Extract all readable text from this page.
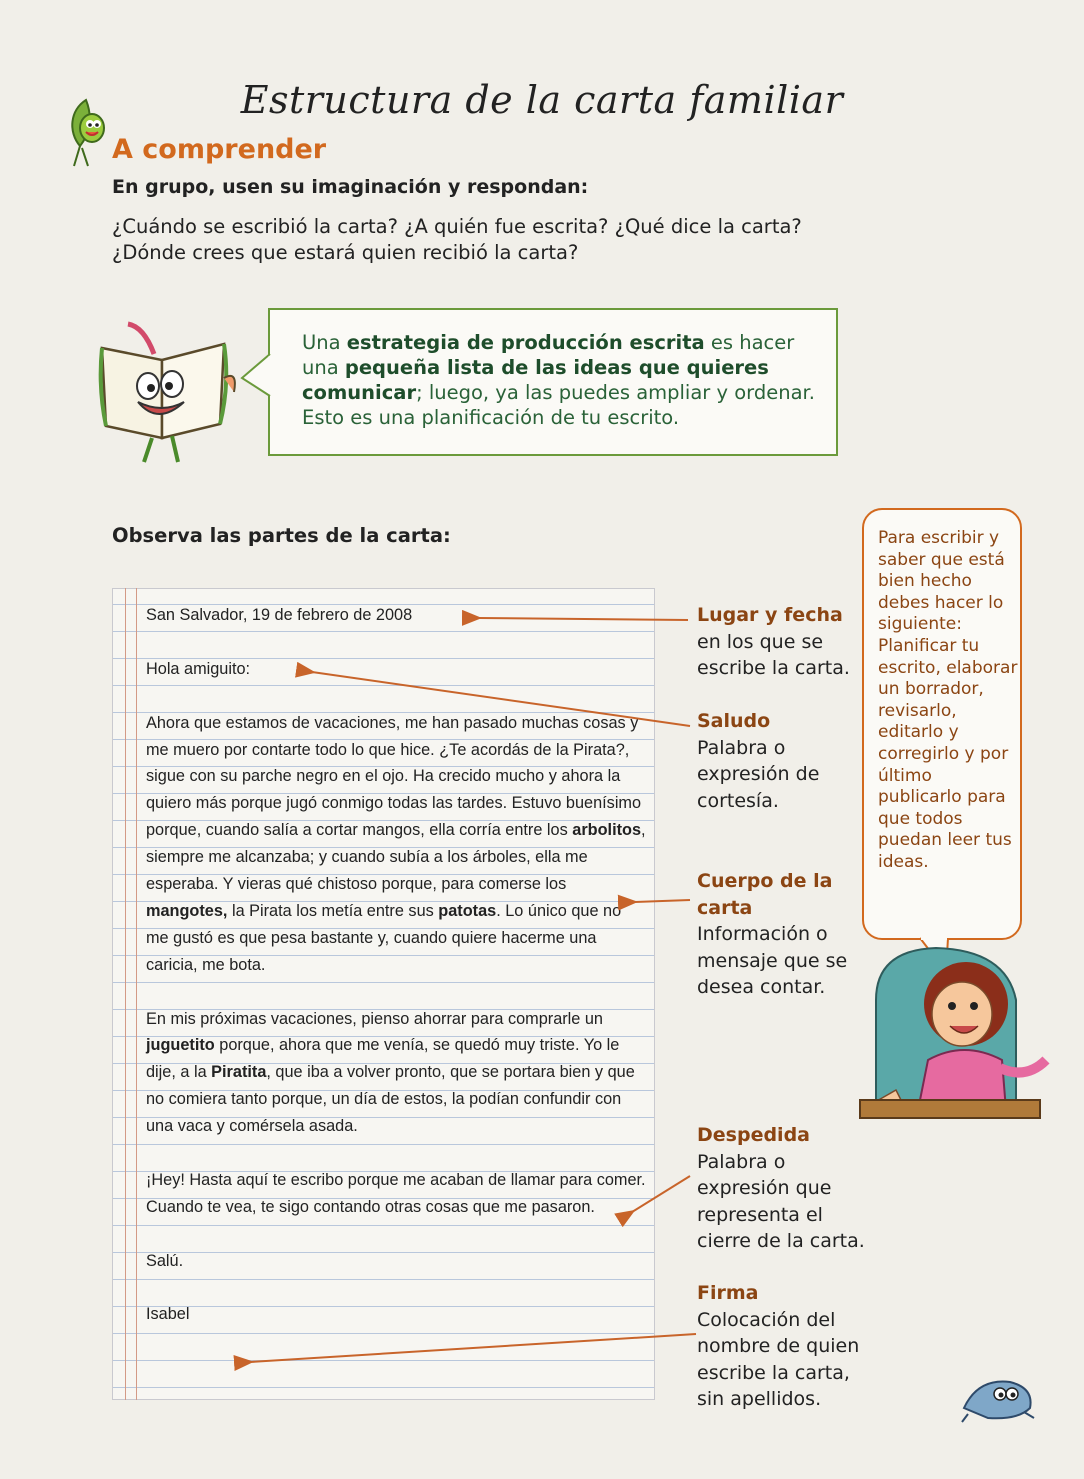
Estructura de la carta familiar
A comprender
En grupo, usen su imaginación y respondan:
¿Cuándo se escribió la carta? ¿A quién fue escrita? ¿Qué dice la carta? ¿Dónde crees que estará quien recibió la carta?
Una estrategia de producción escrita es hacer una pequeña lista de las ideas que quieres comunicar; luego, ya las puedes ampliar y ordenar. Esto es una planificación de tu escrito.
Observa las partes de la carta:

San Salvador, 19 de febrero de 2008

Hola amiguito:

Ahora que estamos de vacaciones, me han pasado muchas cosas y me muero por contarte todo lo que hice. ¿Te acordás de la Pirata?, sigue con su parche negro en el ojo. Ha crecido mucho y ahora la quiero más porque jugó conmigo todas las tardes. Estuvo buenísimo porque, cuando salía a cortar mangos, ella corría entre los arbolitos, siempre me alcanzaba; y cuando subía a los árboles, ella me esperaba. Y vieras qué chistoso porque, para comerse los mangotes, la Pirata los metía entre sus patotas. Lo único que no me gustó es que pesa bastante y, cuando quiere hacerme una caricia, me bota.

En mis próximas vacaciones, pienso ahorrar para comprarle un juguetito porque, ahora que me venía, se quedó muy triste. Yo le dije, a la Piratita, que iba a volver pronto, que se portara bien y que no comiera tanto porque, un día de estos, la podían confundir con una vaca y comérsela asada.

¡Hey! Hasta aquí te escribo porque me acaban de llamar para comer. Cuando te vea, te sigo contando otras cosas que me pasaron.

Salú.

Isabel

Lugar y fecha
en los que se escribe la carta.
Saludo
Palabra o expresión de cortesía.
Cuerpo de la carta
Información o mensaje que se desea contar.
Despedida
Palabra o expresión que representa el cierre de la carta.
Firma
Colocación del nombre de quien escribe la carta, sin apellidos.
Para escribir y saber que está bien hecho debes hacer lo siguiente: Planificar tu escrito, elaborar un borrador, revisarlo, editarlo y corregirlo y por último publicarlo para que todos puedan leer tus ideas.
